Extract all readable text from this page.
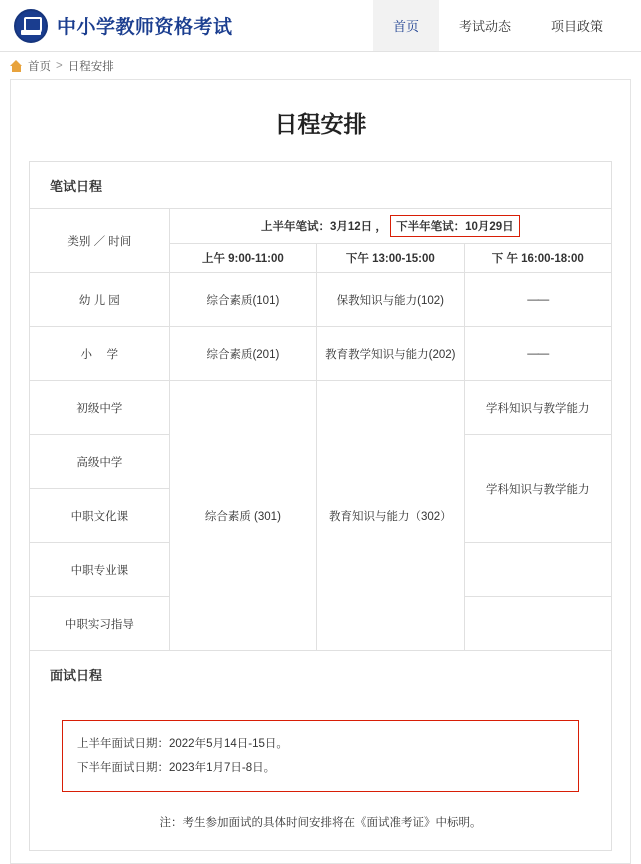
中小学教师资格考试	首页	考试动态	项目政策
首页 > 日程安排
日程安排
笔试日程
类别 ／ 时间	上半年笔试：3月12日 ， 下半年笔试：10月29日		
	上午 9:00-11:00	下午 13:00-15:00	下 午 16:00-18:00
幼 儿 园	综合素质(101)	保教知识与能力(102)	——
小　 学	综合素质(201)	教育教学知识与能力(202)	——
初级中学	综合素质 (301)	教育知识与能力（302）	学科知识与教学能力
高级中学			学科知识与教学能力
中职文化课			
中职专业课			
中职实习指导			
面试日程
上半年面试日期：2022年5月14日-15日。
下半年面试日期：2023年1月7日-8日。
注：考生参加面试的具体时间安排将在《面试准考证》中标明。
